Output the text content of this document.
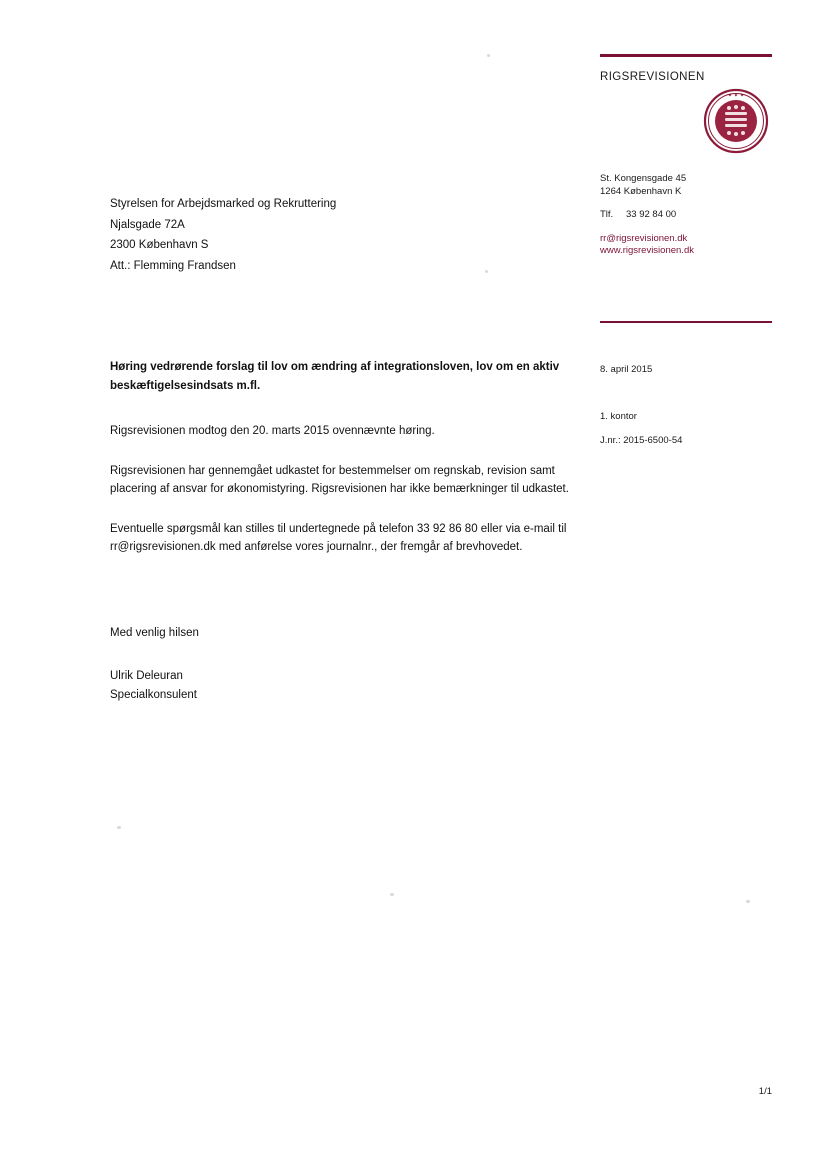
RIGSREVISIONEN
✦ ✦ ✦
St. Kongensgade 45
1264 København K
Tlf. 33 92 84 00
rr@rigsrevisionen.dk
www.rigsrevisionen.dk
8. april 2015
1. kontor
J.nr.: 2015-6500-54
Styrelsen for Arbejdsmarked og Rekruttering
Njalsgade 72A
2300 København S
Att.: Flemming Frandsen
Høring vedrørende forslag til lov om ændring af integrationsloven, lov om en aktiv beskæftigelsesindsats m.fl.
Rigsrevisionen modtog den 20. marts 2015 ovennævnte høring.
Rigsrevisionen har gennemgået udkastet for bestemmelser om regnskab, revision samt placering af ansvar for økonomistyring. Rigsrevisionen har ikke bemærkninger til udkastet.
Eventuelle spørgsmål kan stilles til undertegnede på telefon 33 92 86 80 eller via e-mail til rr@rigsrevisionen.dk med anførelse vores journalnr., der fremgår af brevhovedet.
Med venlig hilsen
Ulrik Deleuran
Specialkonsulent
1/1
